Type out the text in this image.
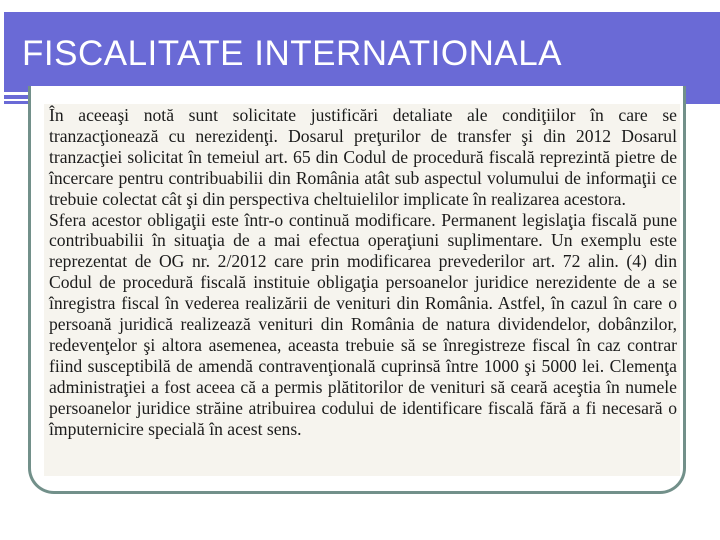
FISCALITATE INTERNATIONALA

În aceeaşi notă sunt solicitate justificări detaliate ale condiţiilor în care se tranzacţionează cu nerezidenţi. Dosarul preţurilor de transfer şi din 2012 Dosarul tranzacţiei solicitat în temeiul art. 65 din Codul de procedură fiscală reprezintă pietre de încercare pentru contribuabilii din România atât sub aspectul volumului de informaţii ce trebuie colectat cât şi din perspectiva cheltuielilor implicate în realizarea acestora.

Sfera acestor obligaţii este într-o continuă modificare. Permanent legislaţia fiscală pune contribuabilii în situaţia de a mai efectua operaţiuni suplimentare. Un exemplu este reprezentat de OG nr. 2/2012 care prin modificarea prevederilor art. 72 alin. (4) din Codul de procedură fiscală instituie obligaţia persoanelor juridice nerezidente de a se înregistra fiscal în vederea realizării de venituri din România. Astfel, în cazul în care o persoană juridică realizează venituri din România de natura dividendelor, dobânzilor, redevenţelor şi altora asemenea, aceasta trebuie să se înregistreze fiscal în caz contrar fiind susceptibilă de amendă contravenţională cuprinsă între 1000 şi 5000 lei. Clemenţa administraţiei a fost aceea că a permis plătitorilor de venituri să ceară aceştia în numele persoanelor juridice străine atribuirea codului de identificare fiscală fără a fi necesară o împuternicire specială în acest sens.
